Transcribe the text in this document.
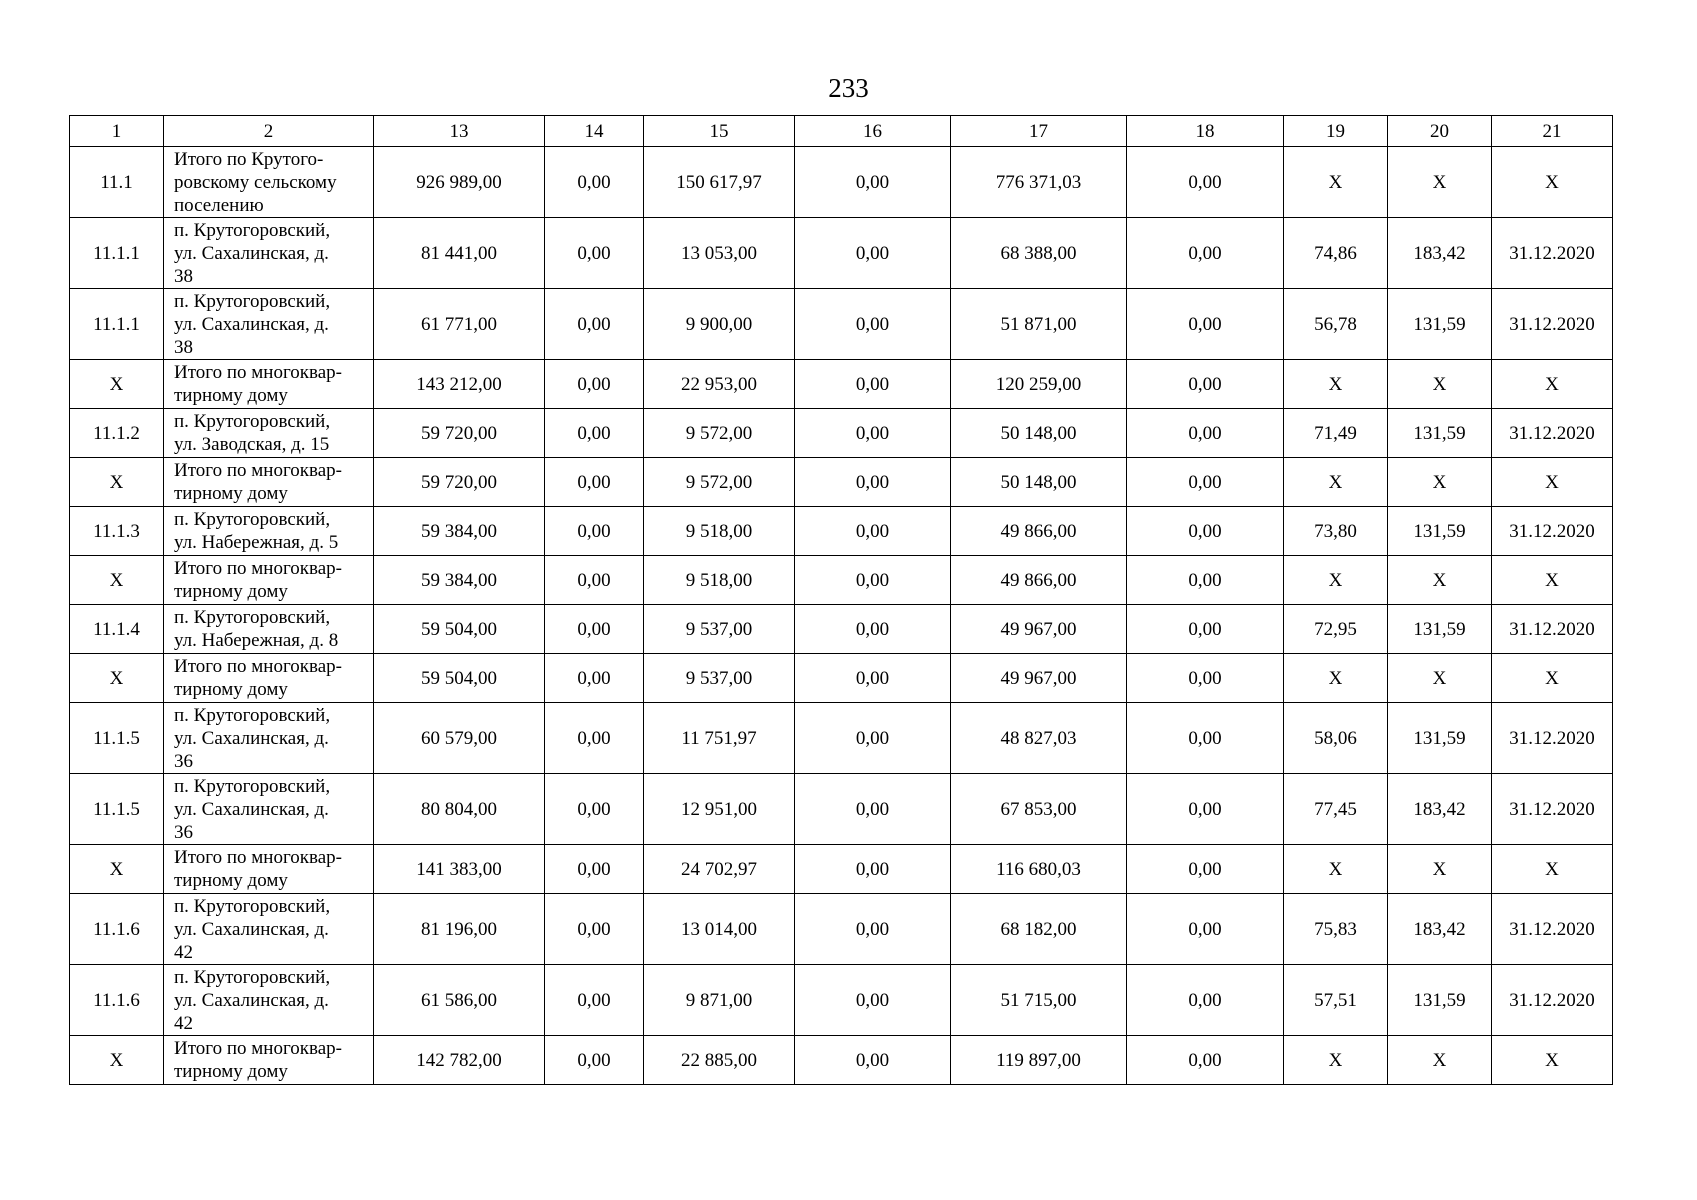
233
1	2	13	14	15	16	17	18	19	20	21
11.1	Итого по Крутого-
ровскому сельскому
поселению	926 989,00	0,00	150 617,97	0,00	776 371,03	0,00	Х	Х	Х
11.1.1	п. Крутогоровский,
ул. Сахалинская, д.
38	81 441,00	0,00	13 053,00	0,00	68 388,00	0,00	74,86	183,42	31.12.2020
11.1.1	п. Крутогоровский,
ул. Сахалинская, д.
38	61 771,00	0,00	9 900,00	0,00	51 871,00	0,00	56,78	131,59	31.12.2020
Х	Итого по многоквар-
тирному дому	143 212,00	0,00	22 953,00	0,00	120 259,00	0,00	Х	Х	Х
11.1.2	п. Крутогоровский,
ул. Заводская, д. 15	59 720,00	0,00	9 572,00	0,00	50 148,00	0,00	71,49	131,59	31.12.2020
Х	Итого по многоквар-
тирному дому	59 720,00	0,00	9 572,00	0,00	50 148,00	0,00	Х	Х	Х
11.1.3	п. Крутогоровский,
ул. Набережная, д. 5	59 384,00	0,00	9 518,00	0,00	49 866,00	0,00	73,80	131,59	31.12.2020
Х	Итого по многоквар-
тирному дому	59 384,00	0,00	9 518,00	0,00	49 866,00	0,00	Х	Х	Х
11.1.4	п. Крутогоровский,
ул. Набережная, д. 8	59 504,00	0,00	9 537,00	0,00	49 967,00	0,00	72,95	131,59	31.12.2020
Х	Итого по многоквар-
тирному дому	59 504,00	0,00	9 537,00	0,00	49 967,00	0,00	Х	Х	Х
11.1.5	п. Крутогоровский,
ул. Сахалинская, д.
36	60 579,00	0,00	11 751,97	0,00	48 827,03	0,00	58,06	131,59	31.12.2020
11.1.5	п. Крутогоровский,
ул. Сахалинская, д.
36	80 804,00	0,00	12 951,00	0,00	67 853,00	0,00	77,45	183,42	31.12.2020
Х	Итого по многоквар-
тирному дому	141 383,00	0,00	24 702,97	0,00	116 680,03	0,00	Х	Х	Х
11.1.6	п. Крутогоровский,
ул. Сахалинская, д.
42	81 196,00	0,00	13 014,00	0,00	68 182,00	0,00	75,83	183,42	31.12.2020
11.1.6	п. Крутогоровский,
ул. Сахалинская, д.
42	61 586,00	0,00	9 871,00	0,00	51 715,00	0,00	57,51	131,59	31.12.2020
Х	Итого по многоквар-
тирному дому	142 782,00	0,00	22 885,00	0,00	119 897,00	0,00	Х	Х	Х
